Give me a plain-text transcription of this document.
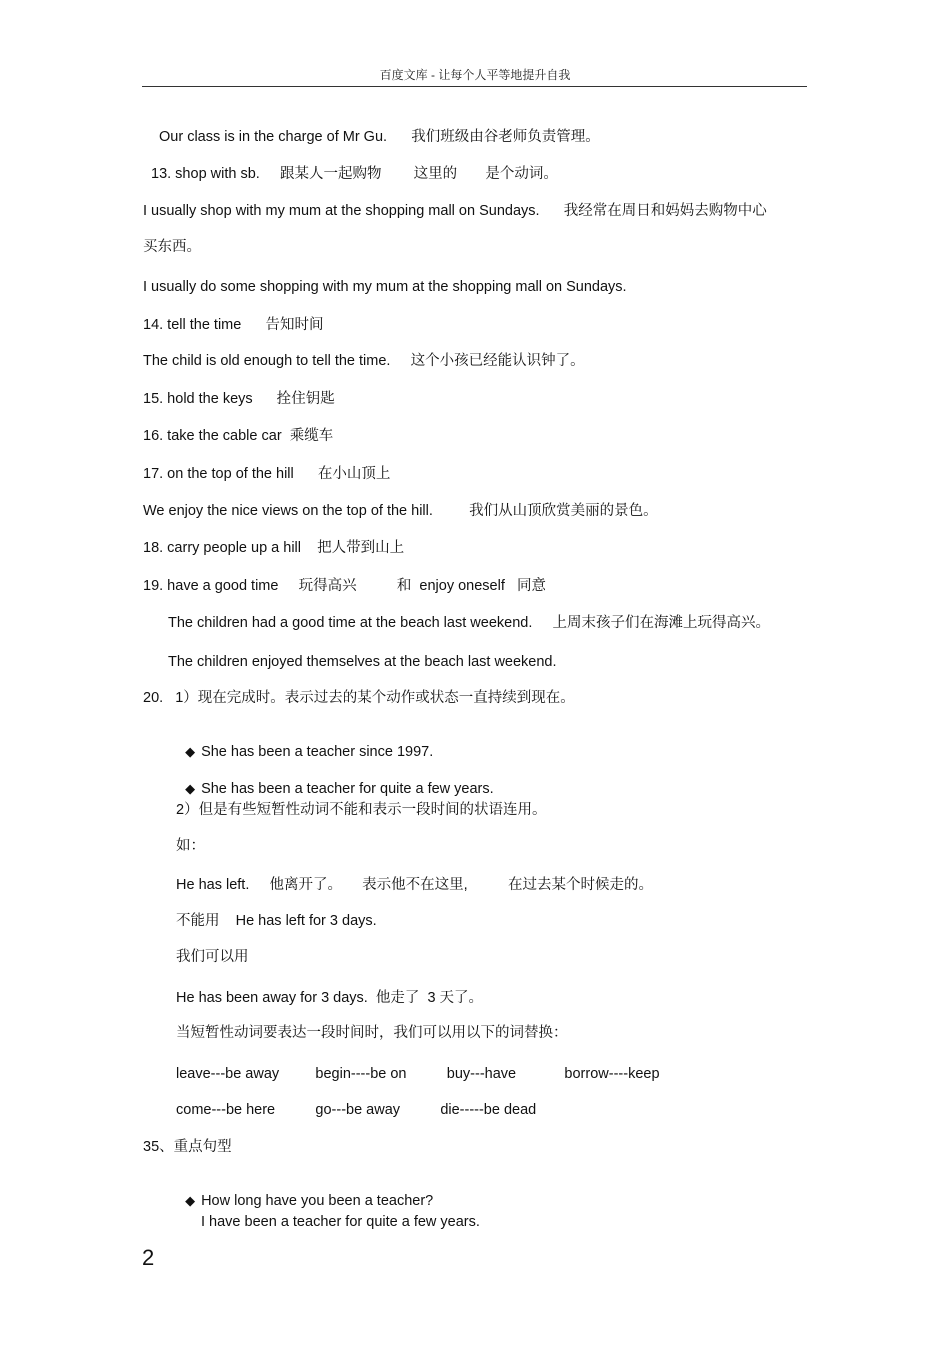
百度文库 - 让每个人平等地提升自我
Our class is in the charge of Mr Gu.      我们班级由谷老师负责管理。
13. shop with sb.     跟某人一起购物        这里的       是个动词。
I usually shop with my mum at the shopping mall on Sundays.      我经常在周日和妈妈去购物中心
买东西。
I usually do some shopping with my mum at the shopping mall on Sundays.
14. tell the time      告知时间
The child is old enough to tell the time.     这个小孩已经能认识钟了。
15. hold the keys      拴住钥匙
16. take the cable car  乘缆车
17. on the top of the hill      在小山顶上
We enjoy the nice views on the top of the hill.         我们从山顶欣赏美丽的景色。
18. carry people up a hill    把人带到山上
19. have a good time     玩得高兴          和  enjoy oneself   同意
The children had a good time at the beach last weekend.     上周末孩子们在海滩上玩得高兴。
The children enjoyed themselves at the beach last weekend.
20.   1）现在完成时。表示过去的某个动作或状态一直持续到现在。

◆ She has been a teacher since 1997.

◆ She has been a teacher for quite a few years.

2）但是有些短暂性动词不能和表示一段时间的状语连用。
如：
He has left.     他离开了。     表示他不在这里,          在过去某个时候走的。
不能用    He has left for 3 days.
我们可以用
He has been away for 3 days.  他走了  3 天了。
当短暂性动词要表达一段时间时，我们可以用以下的词替换：
leave---be away         begin----be on          buy---have            borrow----keep
come---be here          go---be away          die-----be dead
35、重点句型

◆ How long have you been a teacher?

I have been a teacher for quite a few years.
2
